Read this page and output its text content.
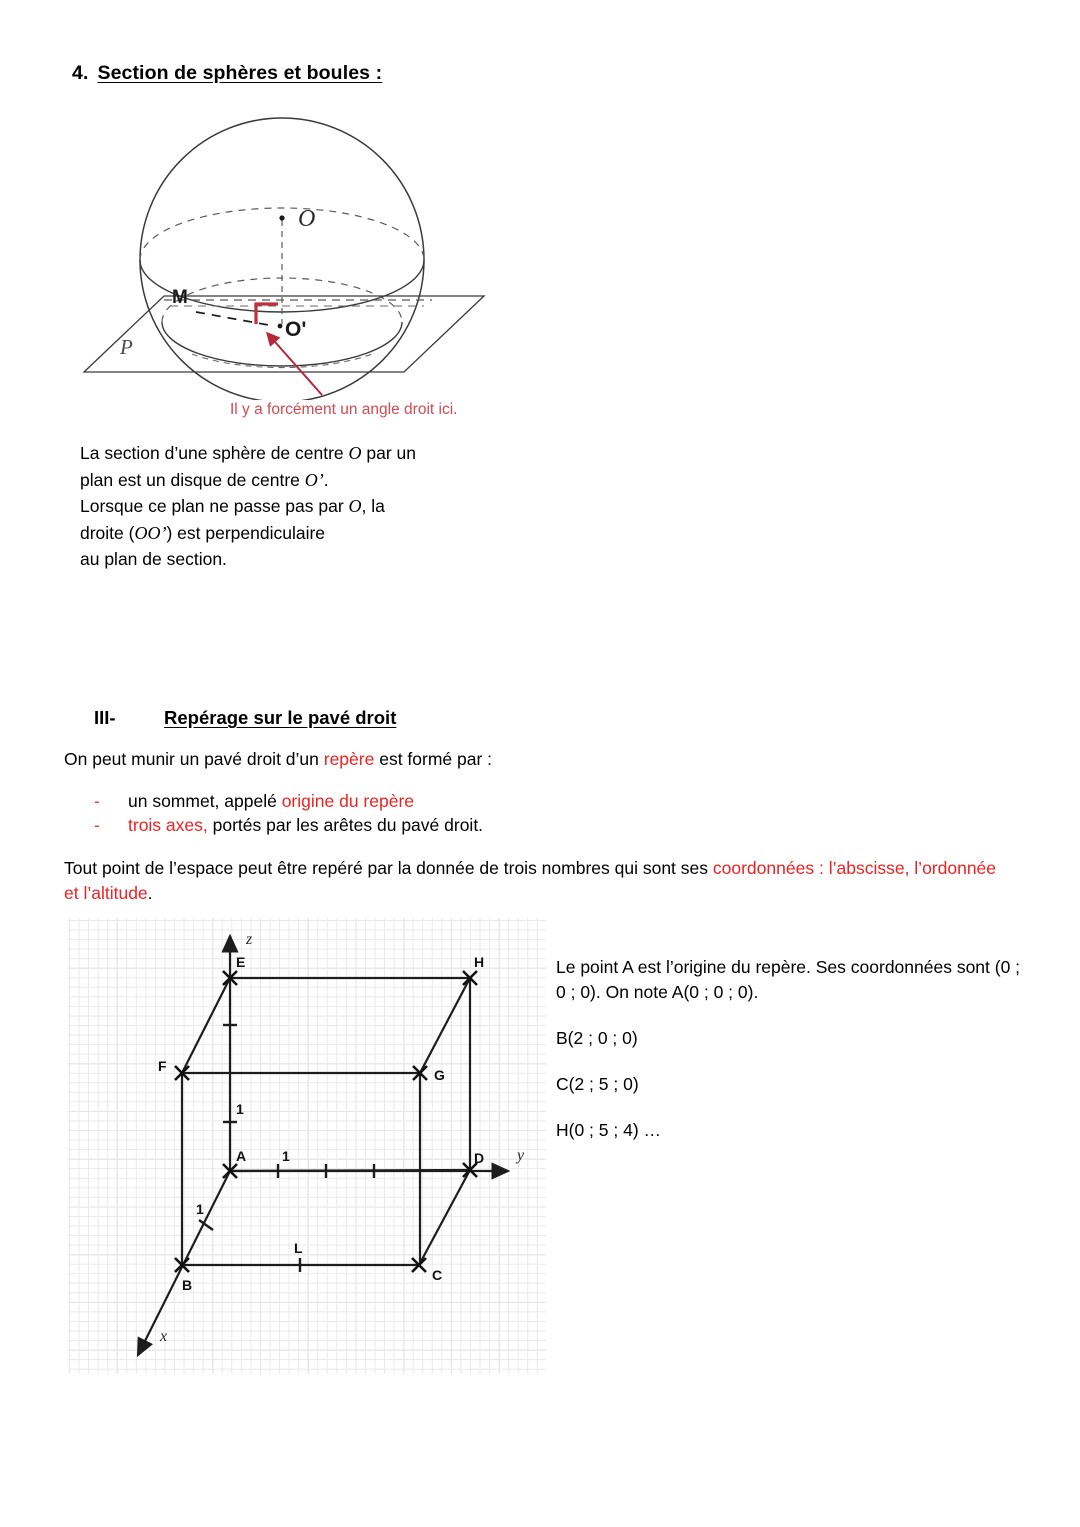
4. Section de sphères et boules :
O
M
O'
P
Il y a forcément un angle droit ici.
La section d’une sphère de centre O par un
plan est un disque de centre O’.
Lorsque ce plan ne passe pas par O, la
droite (OO’) est perpendiculaire
au plan de section.
III-	Repérage sur le pavé droit
On peut munir un pavé droit d’un repère est formé par :
- un sommet, appelé origine du repère
- trois axes, portés par les arêtes du pavé droit.
Tout point de l’espace peut être repéré par la donnée de trois nombres qui sont ses coordonnées : l’abscisse, l’ordonnée et l’altitude.
A
B
C
D
E
F
G
H
L
1
1
1
z
y
x

Le point A est l’origine du repère. Ses coordonnées sont (0 ; 0 ; 0). On note A(0 ; 0 ; 0).

B(2 ; 0 ; 0)

C(2 ; 5 ; 0)

H(0 ; 5 ; 4) …
